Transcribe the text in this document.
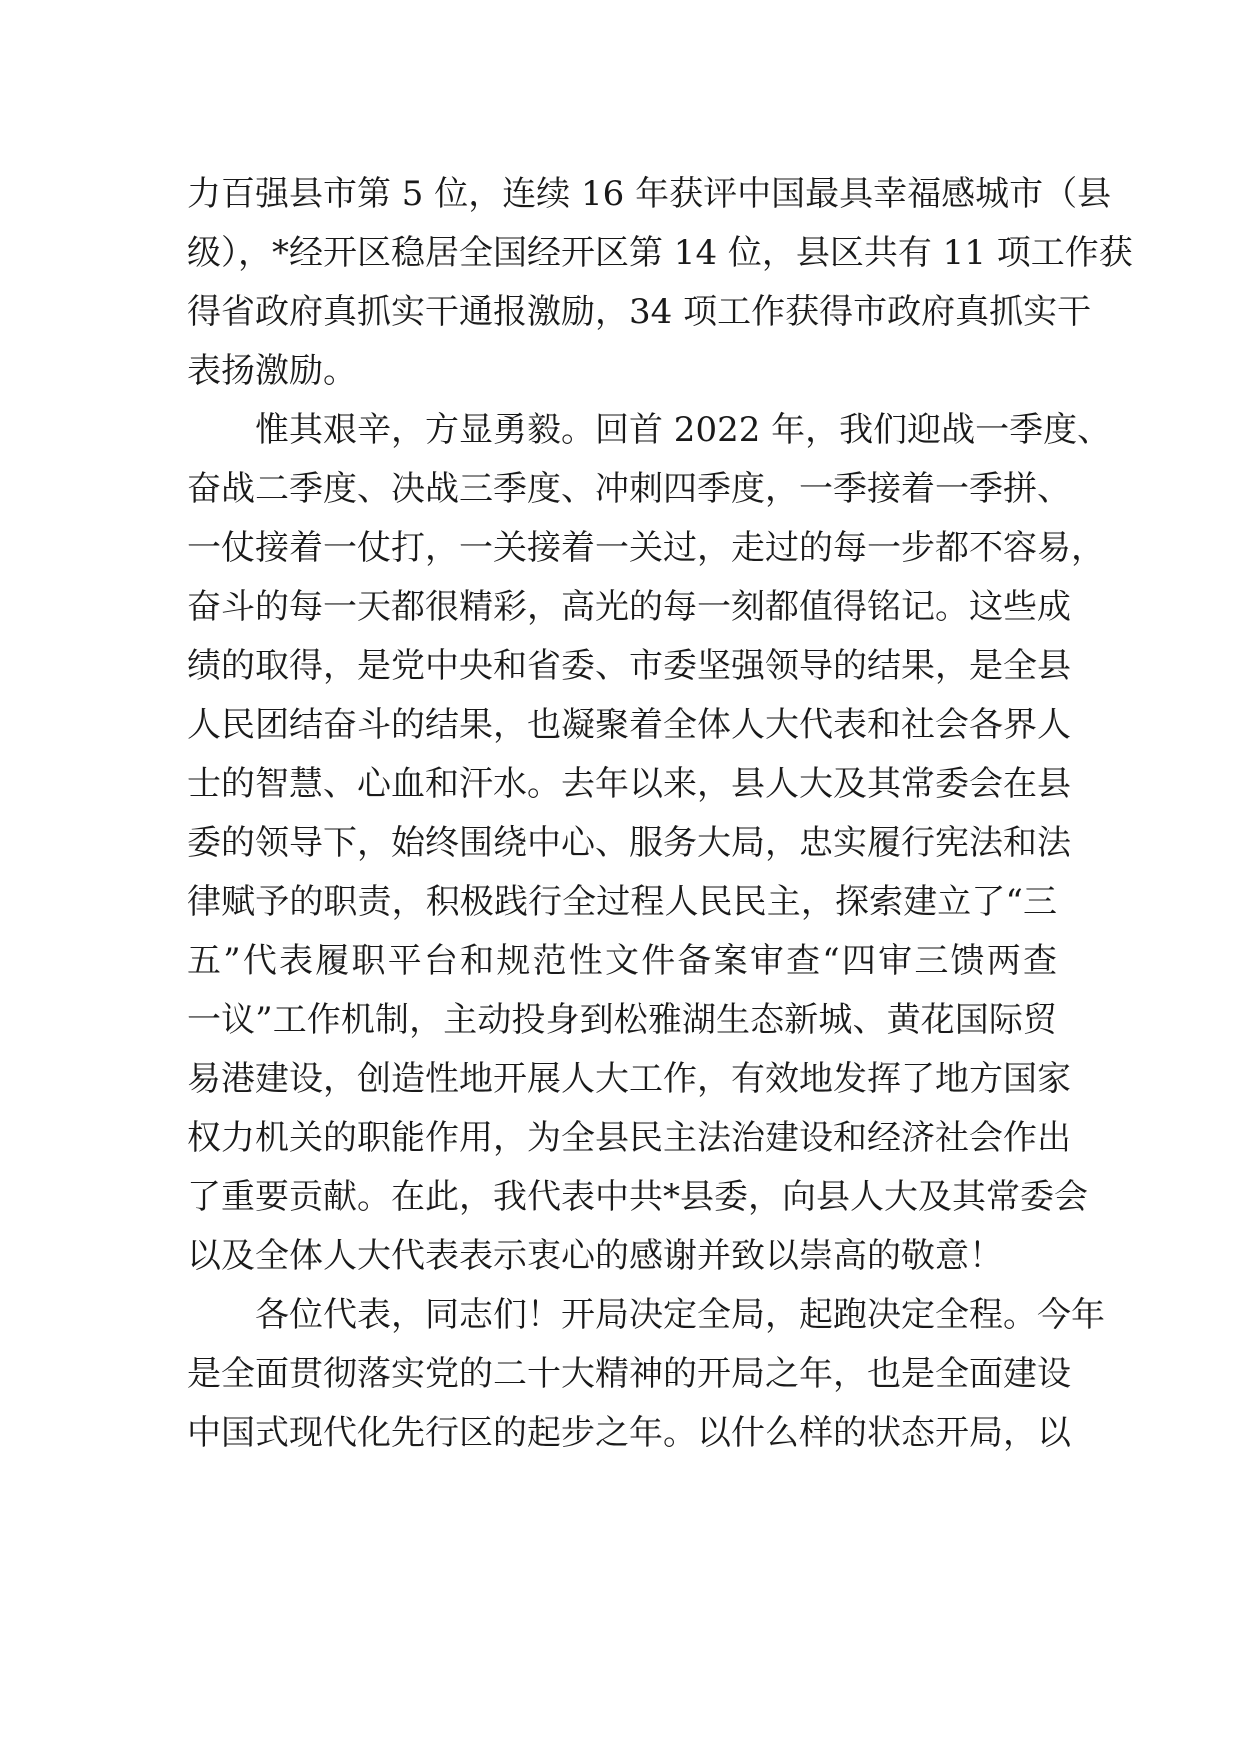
力百强县市第 5 位，连续 16 年获评中国最具幸福感城市（县
级），*经开区稳居全国经开区第 14 位，县区共有 11 项工作获
得省政府真抓实干通报激励，34 项工作获得市政府真抓实干
表扬激励。
　　惟其艰辛，方显勇毅。回首 2022 年，我们迎战一季度、
奋战二季度、决战三季度、冲刺四季度，一季接着一季拼、
一仗接着一仗打，一关接着一关过，走过的每一步都不容易，
奋斗的每一天都很精彩，高光的每一刻都值得铭记。这些成
绩的取得，是党中央和省委、市委坚强领导的结果，是全县
人民团结奋斗的结果，也凝聚着全体人大代表和社会各界人
士的智慧、心血和汗水。去年以来，县人大及其常委会在县
委的领导下，始终围绕中心、服务大局，忠实履行宪法和法
律赋予的职责，积极践行全过程人民民主，探索建立了“三
五”代表履职平台和规范性文件备案审查“四审三馈两查
一议”工作机制，主动投身到松雅湖生态新城、黄花国际贸
易港建设，创造性地开展人大工作，有效地发挥了地方国家
权力机关的职能作用，为全县民主法治建设和经济社会作出
了重要贡献。在此，我代表中共*县委，向县人大及其常委会
以及全体人大代表表示衷心的感谢并致以崇高的敬意！
　　各位代表，同志们！开局决定全局，起跑决定全程。今年
是全面贯彻落实党的二十大精神的开局之年，也是全面建设
中国式现代化先行区的起步之年。以什么样的状态开局，以
